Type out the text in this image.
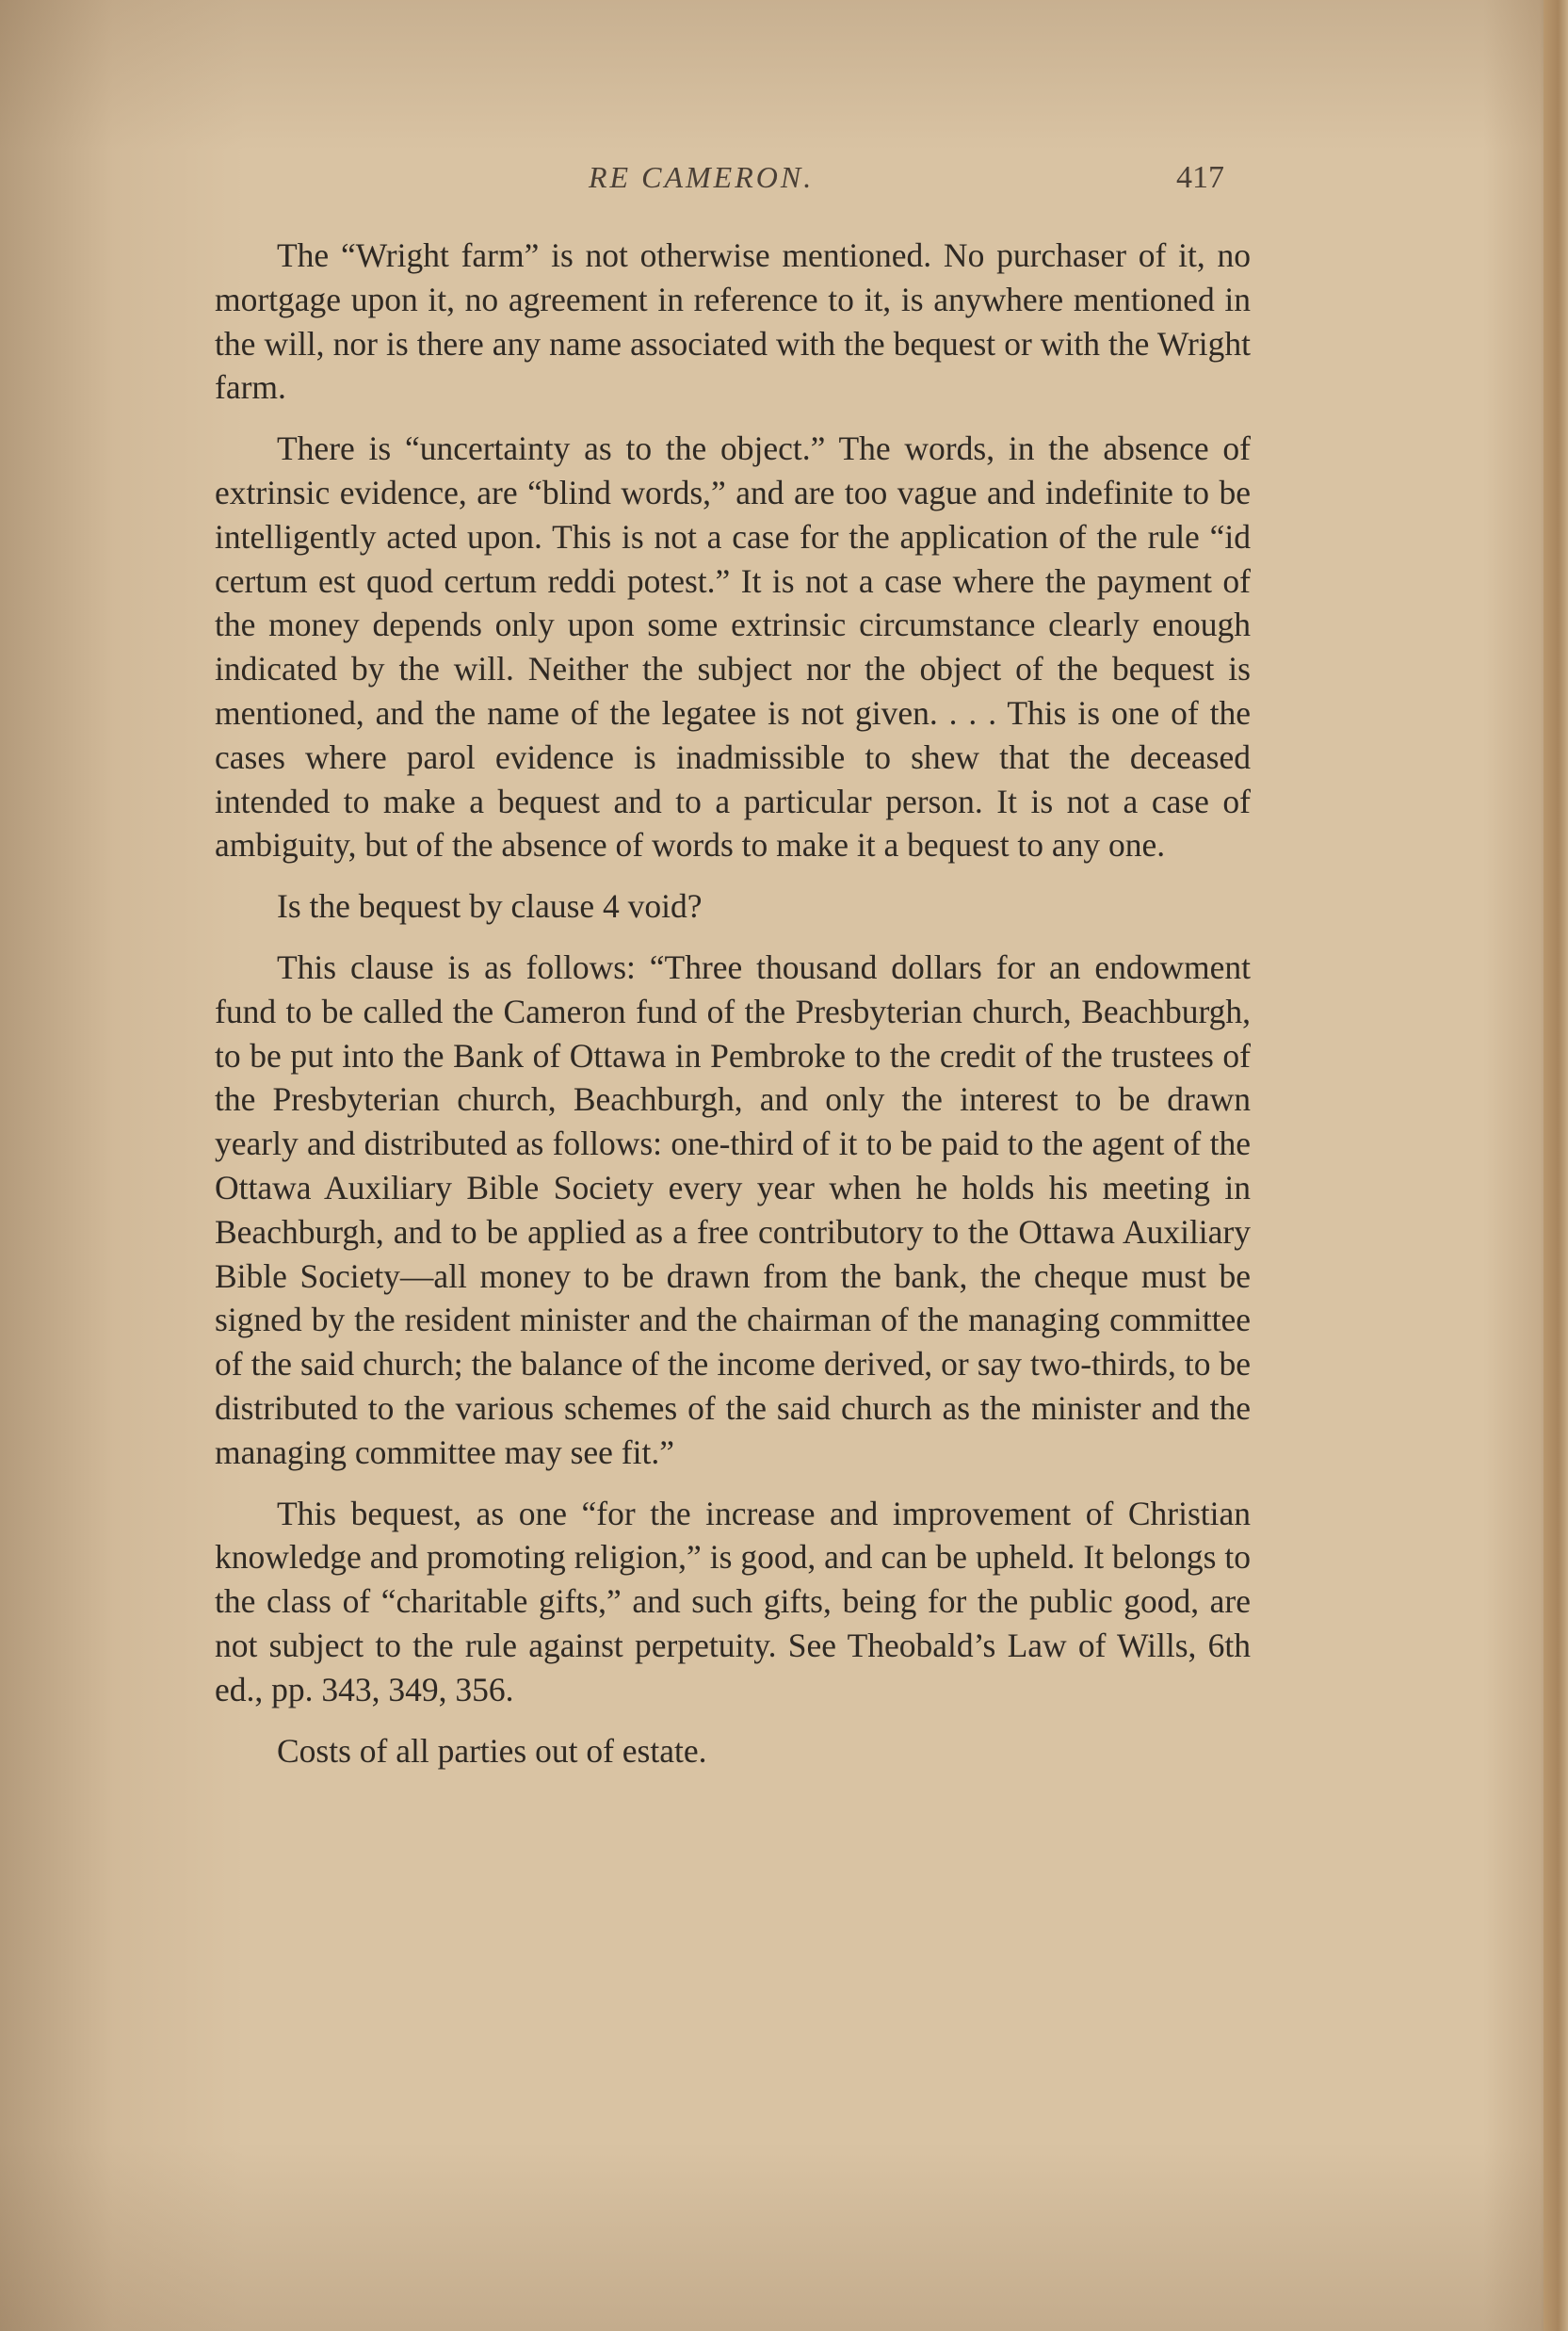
RE CAMERON.	417

The “Wright farm” is not otherwise mentioned. No purchaser of it, no mortgage upon it, no agreement in reference to it, is anywhere mentioned in the will, nor is there any name associated with the bequest or with the Wright farm.

There is “uncertainty as to the object.” The words, in the absence of extrinsic evidence, are “blind words,” and are too vague and indefinite to be intelligently acted upon. This is not a case for the application of the rule “id certum est quod certum reddi potest.” It is not a case where the payment of the money depends only upon some extrinsic circumstance clearly enough indicated by the will. Neither the subject nor the object of the bequest is mentioned, and the name of the legatee is not given. . . . This is one of the cases where parol evidence is inadmissible to shew that the deceased intended to make a bequest and to a particular person. It is not a case of ambiguity, but of the absence of words to make it a bequest to any one.

Is the bequest by clause 4 void?

This clause is as follows: “Three thousand dollars for an endowment fund to be called the Cameron fund of the Presbyterian church, Beachburgh, to be put into the Bank of Ottawa in Pembroke to the credit of the trustees of the Presbyterian church, Beachburgh, and only the interest to be drawn yearly and distributed as follows: one-third of it to be paid to the agent of the Ottawa Auxiliary Bible Society every year when he holds his meeting in Beachburgh, and to be applied as a free contributory to the Ottawa Auxiliary Bible Society—all money to be drawn from the bank, the cheque must be signed by the resident minister and the chairman of the managing committee of the said church; the balance of the income derived, or say two-thirds, to be distributed to the various schemes of the said church as the minister and the managing committee may see fit.”

This bequest, as one “for the increase and improvement of Christian knowledge and promoting religion,” is good, and can be upheld. It belongs to the class of “charitable gifts,” and such gifts, being for the public good, are not subject to the rule against perpetuity. See Theobald’s Law of Wills, 6th ed., pp. 343, 349, 356.

Costs of all parties out of estate.
